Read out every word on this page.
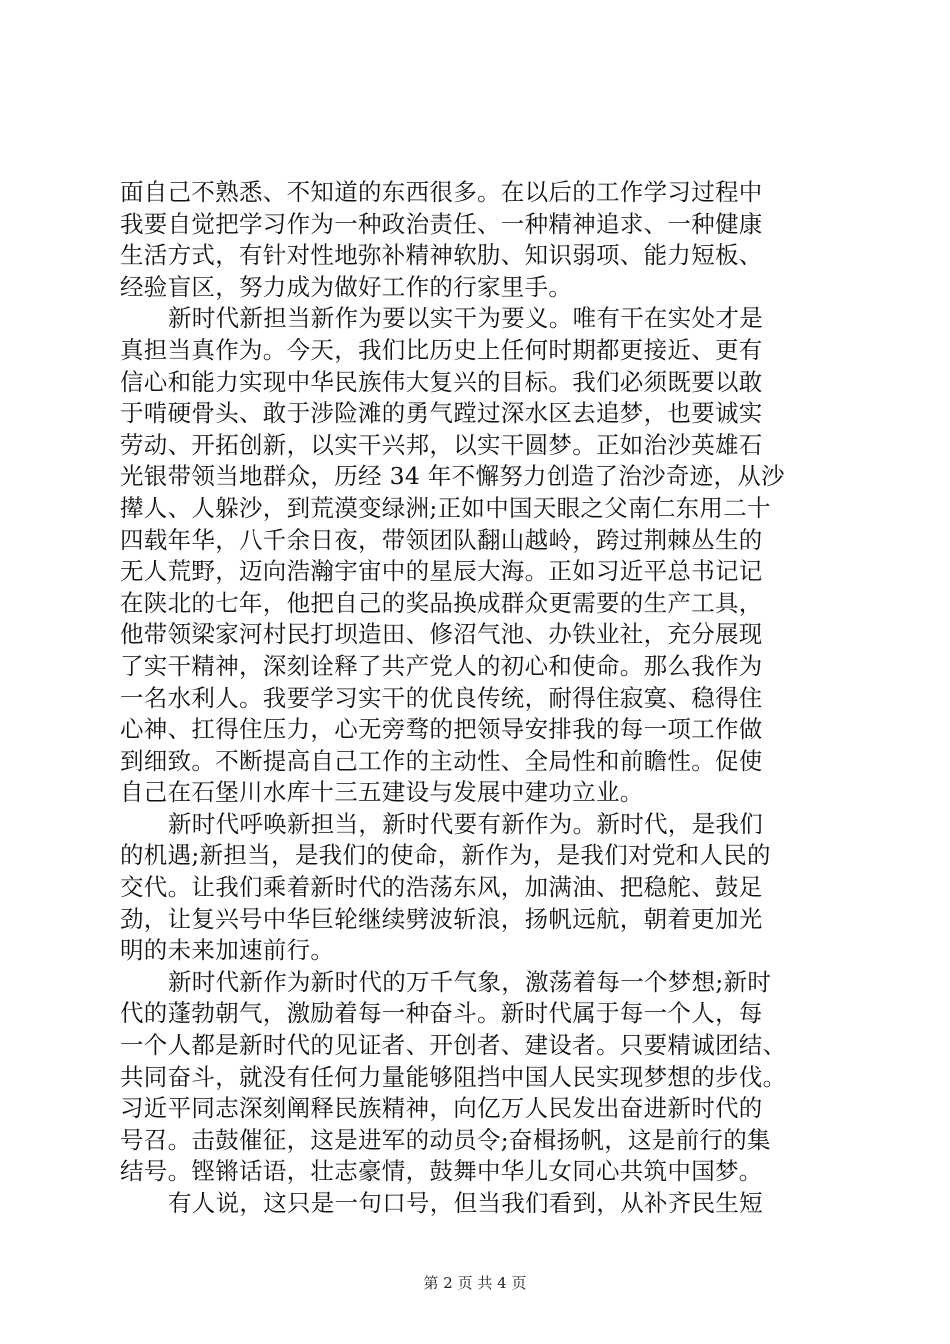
面自己不熟悉、不知道的东西很多。在以后的工作学习过程中
我要自觉把学习作为一种政治责任、一种精神追求、一种健康
生活方式，有针对性地弥补精神软肋、知识弱项、能力短板、
经验盲区，努力成为做好工作的行家里手。
新时代新担当新作为要以实干为要义。唯有干在实处才是
真担当真作为。今天，我们比历史上任何时期都更接近、更有
信心和能力实现中华民族伟大复兴的目标。我们必须既要以敢
于啃硬骨头、敢于涉险滩的勇气蹚过深水区去追梦，也要诚实
劳动、开拓创新，以实干兴邦，以实干圆梦。正如治沙英雄石
光银带领当地群众，历经 34 年不懈努力创造了治沙奇迹，从沙
撵人、人躲沙，到荒漠变绿洲;正如中国天眼之父南仁东用二十
四载年华，八千余日夜，带领团队翻山越岭，跨过荆棘丛生的
无人荒野，迈向浩瀚宇宙中的星辰大海。正如习近平总书记记
在陕北的七年，他把自己的奖品换成群众更需要的生产工具，
他带领梁家河村民打坝造田、修沼气池、办铁业社，充分展现
了实干精神，深刻诠释了共产党人的初心和使命。那么我作为
一名水利人。我要学习实干的优良传统，耐得住寂寞、稳得住
心神、扛得住压力，心无旁骛的把领导安排我的每一项工作做
到细致。不断提高自己工作的主动性、全局性和前瞻性。促使
自己在石堡川水库十三五建设与发展中建功立业。
新时代呼唤新担当，新时代要有新作为。新时代，是我们
的机遇;新担当，是我们的使命，新作为，是我们对党和人民的
交代。让我们乘着新时代的浩荡东风，加满油、把稳舵、鼓足
劲，让复兴号中华巨轮继续劈波斩浪，扬帆远航，朝着更加光
明的未来加速前行。
新时代新作为新时代的万千气象，激荡着每一个梦想;新时
代的蓬勃朝气，激励着每一种奋斗。新时代属于每一个人，每
一个人都是新时代的见证者、开创者、建设者。只要精诚团结、
共同奋斗，就没有任何力量能够阻挡中国人民实现梦想的步伐。
习近平同志深刻阐释民族精神，向亿万人民发出奋进新时代的
号召。击鼓催征，这是进军的动员令;奋楫扬帆，这是前行的集
结号。铿锵话语，壮志豪情，鼓舞中华儿女同心共筑中国梦。
有人说，这只是一句口号，但当我们看到，从补齐民生短
第 2 页 共 4 页
